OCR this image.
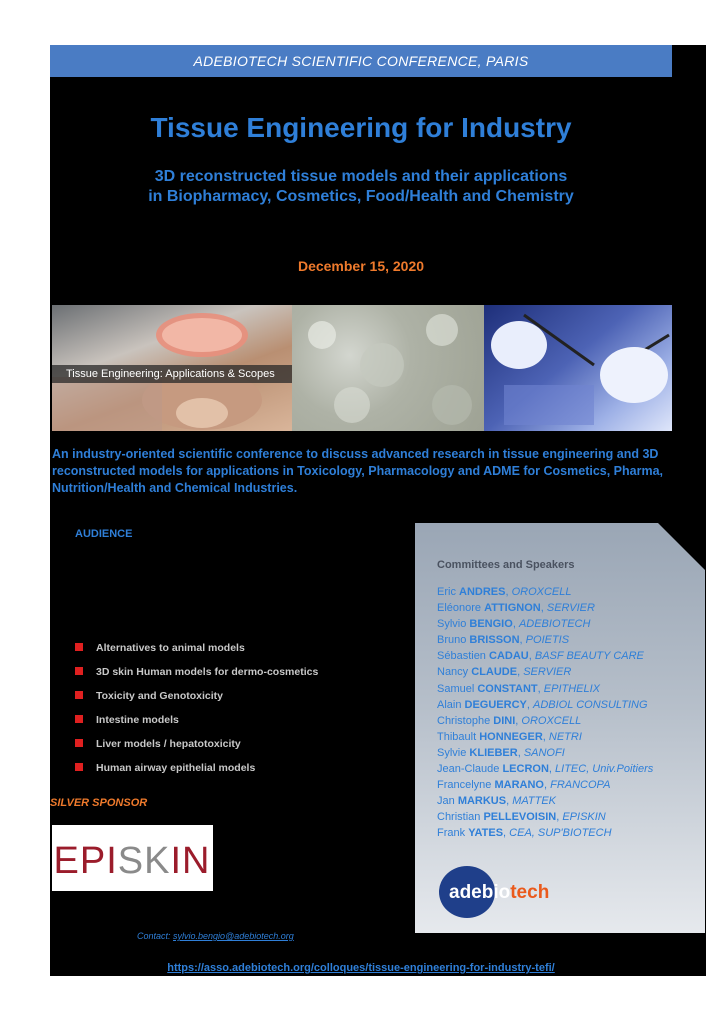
ADEBIOTECH SCIENTIFIC CONFERENCE, PARIS
Tissue Engineering for Industry
3D reconstructed tissue models and their applications
in Biopharmacy, Cosmetics, Food/Health and Chemistry
December 15, 2020
Tissue Engineering: Applications & Scopes
An industry-oriented scientific conference to discuss advanced research in tissue engineering and 3D reconstructed models for applications in Toxicology, Pharmacology and ADME for Cosmetics, Pharma, Nutrition/Health and Chemical Industries.
AUDIENCE
Alternatives to animal models
3D skin Human models for dermo-cosmetics
Toxicity and Genotoxicity
Intestine models
Liver models / hepatotoxicity
Human airway epithelial models
SILVER SPONSOR
EPISKIN
Contact: sylvio.bengio@adebiotech.org
https://asso.adebiotech.org/colloques/tissue-engineering-for-industry-tefi/
Committees and Speakers
Eric ANDRES, OROXCELL
Eléonore ATTIGNON, SERVIER
Sylvio BENGIO, ADEBIOTECH
Bruno BRISSON, POIETIS
Sébastien CADAU, BASF BEAUTY CARE
Nancy CLAUDE, SERVIER
Samuel CONSTANT, EPITHELIX
Alain DEGUERCY, ADBIOL CONSULTING
Christophe DINI, OROXCELL
Thibault HONNEGER, NETRI
Sylvie KLIEBER, SANOFI
Jean-Claude LECRON, LITEC, Univ.Poitiers
Francelyne MARANO, FRANCOPA
Jan MARKUS, MATTEK
Christian PELLEVOISIN, EPISKIN
Frank YATES, CEA, SUP'BIOTECH
adebiotech
